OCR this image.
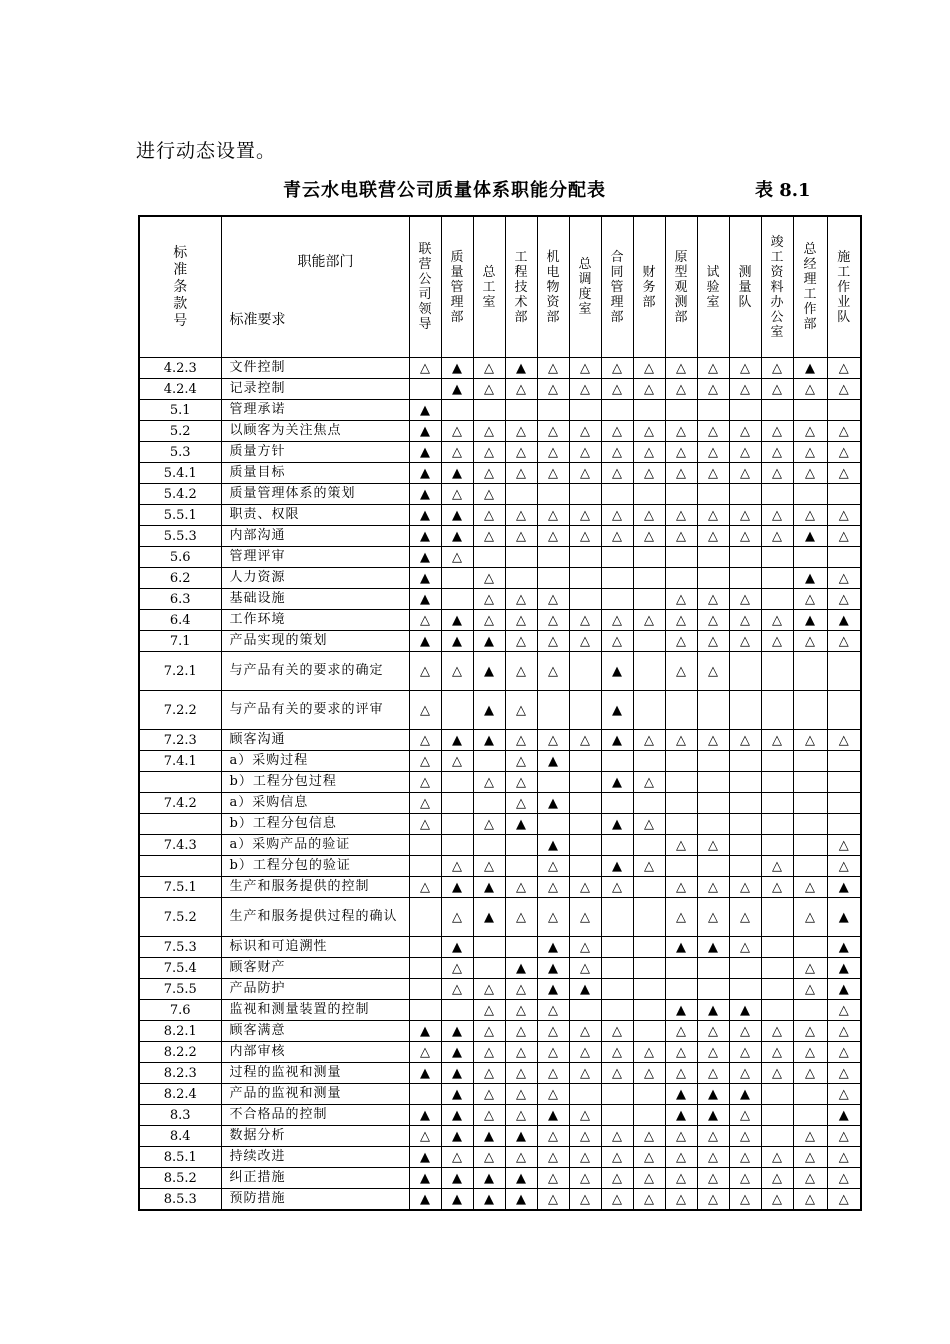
进行动态设置。
青云水电联营公司质量体系职能分配表	表 8.1
标准条款号	职能部门
标准要求	联营公司领导	质量管理部	总工室	工程技术部	机电物资部	总调度室	合同管理部	财务部	原型观测部	试验室	测量队	竣工资料办公室	总经理工作部	施工作业队

4.2.3	文件控制	△	▲	△	▲	△	△	△	△	△	△	△	△	▲	△
4.2.4	记录控制		▲	△	△	△	△	△	△	△	△	△	△	△	△
5.1	管理承诺	▲													
5.2	以顾客为关注焦点	▲	△	△	△	△	△	△	△	△	△	△	△	△	△
5.3	质量方针	▲	△	△	△	△	△	△	△	△	△	△	△	△	△
5.4.1	质量目标	▲	▲	△	△	△	△	△	△	△	△	△	△	△	△
5.4.2	质量管理体系的策划	▲	△	△											
5.5.1	职责、权限	▲	▲	△	△	△	△	△	△	△	△	△	△	△	△
5.5.3	内部沟通	▲	▲	△	△	△	△	△	△	△	△	△	△	▲	△
5.6	管理评审	▲	△												
6.2	人力资源	▲		△										▲	△
6.3	基础设施	▲		△	△	△				△	△	△		△	△
6.4	工作环境	△	▲	△	△	△	△	△	△	△	△	△	△	▲	▲
7.1	产品实现的策划	▲	▲	▲	△	△	△	△		△	△	△	△	△	△
7.2.1	与产品有关的要求的确定	△	△	▲	△	△		▲		△	△				
7.2.2	与产品有关的要求的评审	△		▲	△			▲							
7.2.3	顾客沟通	△	▲	▲	△	△	△	▲	△	△	△	△	△	△	△
7.4.1	a）采购过程	△	△		△	▲									
	b）工程分包过程	△		△	△			▲	△						
7.4.2	a）采购信息	△			△	▲									
	b）工程分包信息	△		△	▲			▲	△						
7.4.3	a）采购产品的验证					▲				△	△				△
	b）工程分包的验证		△	△		△		▲	△				△		△
7.5.1	生产和服务提供的控制	△	▲	▲	△	△	△	△		△	△	△	△	△	▲
7.5.2	生产和服务提供过程的确认		△	▲	△	△	△			△	△	△		△	▲
7.5.3	标识和可追溯性		▲			▲	△			▲	▲	△			▲
7.5.4	顾客财产		△		▲	▲	△							△	▲
7.5.5	产品防护		△	△	△	▲	▲							△	▲
7.6	监视和测量装置的控制			△	△	△				▲	▲	▲			△
8.2.1	顾客满意	▲	▲	△	△	△	△	△		△	△	△	△	△	△
8.2.2	内部审核	△	▲	△	△	△	△	△	△	△	△	△	△	△	△
8.2.3	过程的监视和测量	▲	▲	△	△	△	△	△	△	△	△	△	△	△	△
8.2.4	产品的监视和测量		▲	△	△	△				▲	▲	▲			△
8.3	不合格品的控制	▲	▲	△	△	▲	△			▲	▲	△			▲
8.4	数据分析	△	▲	▲	▲	△	△	△	△	△	△	△		△	△
8.5.1	持续改进	▲	△	△	△	△	△	△	△	△	△	△	△	△	△
8.5.2	纠正措施	▲	▲	▲	▲	△	△	△	△	△	△	△	△	△	△
8.5.3	预防措施	▲	▲	▲	▲	△	△	△	△	△	△	△	△	△	△
